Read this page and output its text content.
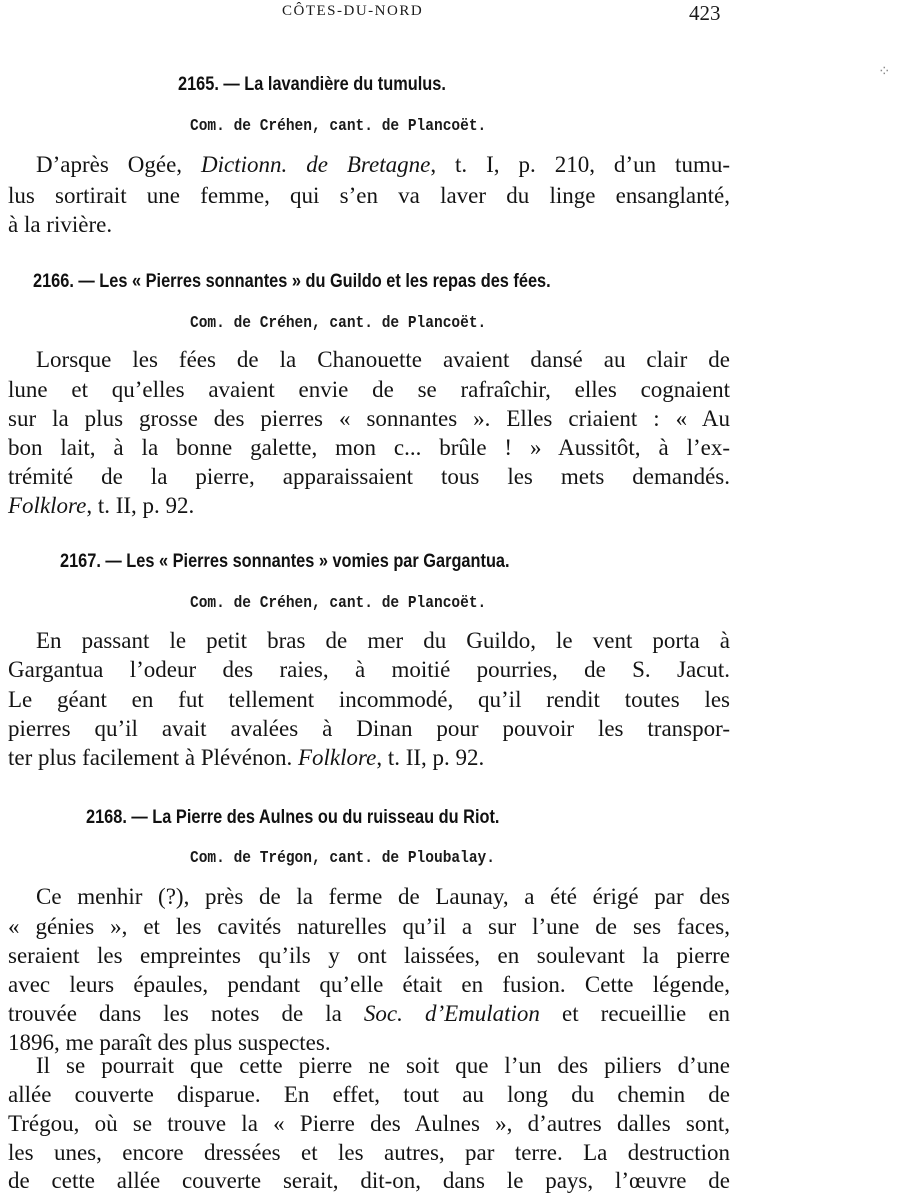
CÔTES-DU-NORD	423
⁘
2165. — La lavandière du tumulus.
Com. de Créhen, cant. de Plancoët.
D’après Ogée, Dictionn. de Bretagne, t. I, p. 210, d’un tumu-
lus sortirait une femme, qui s’en va laver du linge ensanglanté,
à la rivière.
2166. — Les « Pierres sonnantes » du Guildo et les repas des fées.
Com. de Créhen, cant. de Plancoët.
Lorsque les fées de la Chanouette avaient dansé au clair de
lune et qu’elles avaient envie de se rafraîchir, elles cognaient
sur la plus grosse des pierres « sonnantes ». Elles criaient : « Au
bon lait, à la bonne galette, mon c... brûle ! » Aussitôt, à l’ex-
trémité de la pierre, apparaissaient tous les mets demandés.
Folklore, t. II, p. 92.
2167. — Les « Pierres sonnantes » vomies par Gargantua.
Com. de Créhen, cant. de Plancoët.
En passant le petit bras de mer du Guildo, le vent porta à
Gargantua l’odeur des raies, à moitié pourries, de S. Jacut.
Le géant en fut tellement incommodé, qu’il rendit toutes les
pierres qu’il avait avalées à Dinan pour pouvoir les transpor-
ter plus facilement à Plévénon. Folklore, t. II, p. 92.
2168. — La Pierre des Aulnes ou du ruisseau du Riot.
Com. de Trégon, cant. de Ploubalay.
Ce menhir (?), près de la ferme de Launay, a été érigé par des
« génies », et les cavités naturelles qu’il a sur l’une de ses faces,
seraient les empreintes qu’ils y ont laissées, en soulevant la pierre
avec leurs épaules, pendant qu’elle était en fusion. Cette légende,
trouvée dans les notes de la Soc. d’Emulation et recueillie en
1896, me paraît des plus suspectes.
Il se pourrait que cette pierre ne soit que l’un des piliers d’une
allée couverte disparue. En effet, tout au long du chemin de
Trégou, où se trouve la « Pierre des Aulnes », d’autres dalles sont,
les unes, encore dressées et les autres, par terre. La destruction
de cette allée couverte serait, dit-on, dans le pays, l’œuvre de
